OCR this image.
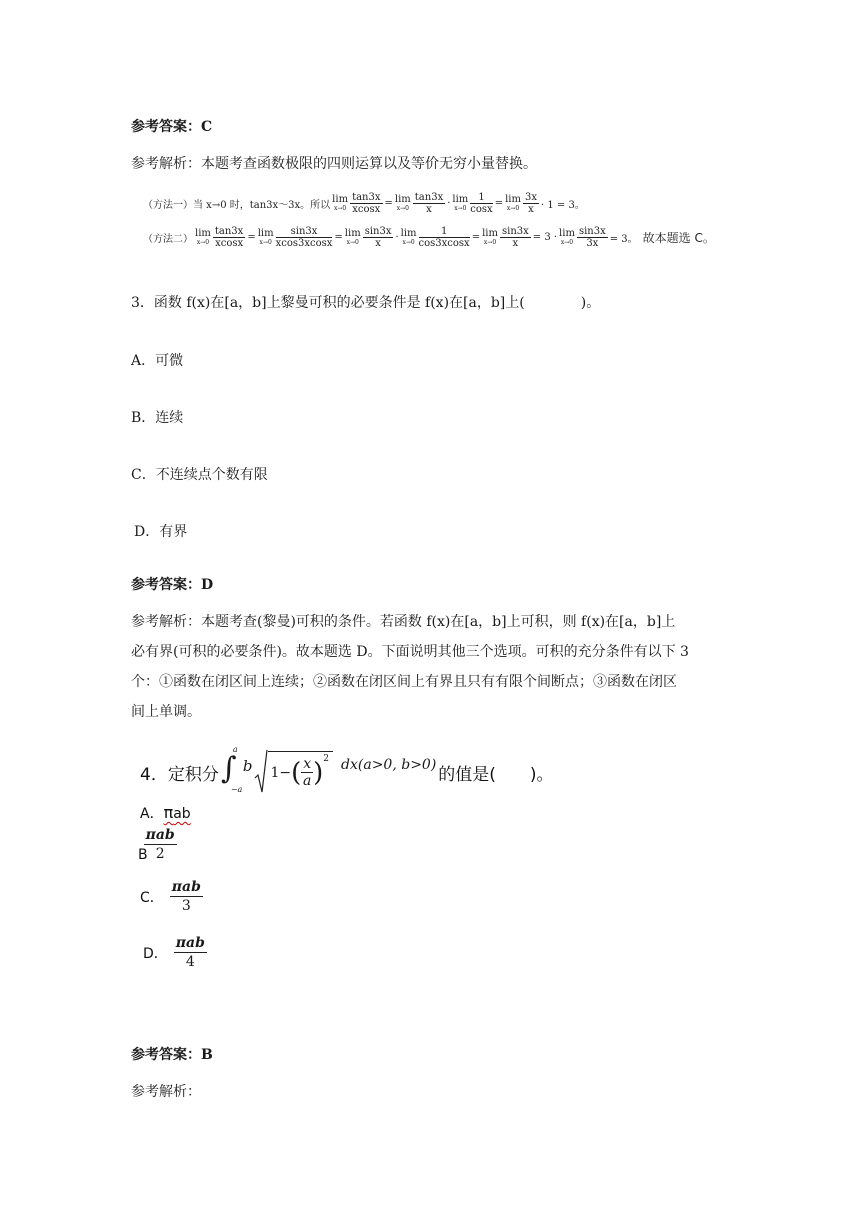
参考答案：C
参考解析：本题考查函数极限的四则运算以及等价无穷小量替换。
（方法一）当 x→0 时，tan3x～3x。所以
lim
$x\to 0 \frac{\tan 3x}{xcosx} = \lim$
$x\to 0 \frac{\tan 3x}{x} \cdot \lim$
$x\to 0 \frac{1}{\cos x} = \lim$
$x\to 0 \frac{3x}{x} \cdot 1 = 3$。
（方法二）
lim
$x\to 0 \frac{\tan 3x}{xcosx} = \lim$
$x\to 0 \frac{\sin 3x}{xcos3xcosx} = \lim$
$x\to 0 \frac{\sin 3x}{x} \cdot \lim$
$x\to 0 \frac{1}{\cos 3xcosx} = \lim$
$x\to 0 \frac{\sin 3x}{x} = 3 \cdot \lim$
$x\to 0 \frac{\sin 3x}{3x} = 3$。 故本题选 C。
3．函数 f(x)在[a，b]上黎曼可积的必要条件是 f(x)在[a，b]上(　　　　)。
A．可微
B．连续
C．不连续点个数有限
D．有界
参考答案：D
参考解析：本题考查(黎曼)可积的条件。若函数 f(x)在[a，b]上可积，则 f(x)在[a，b]上
必有界(可积的必要条件)。故本题选 D。下面说明其他三个选项。可积的充分条件有以下 3
个：①函数在闭区间上连续；②函数在闭区间上有界且只有有限个间断点；③函数在闭区
间上单调。
4．定积分 ∫
a
−a
b 1− ( $\frac{x}{a}$ ) 2 dx(a>0, b>0) 的值是(　　)。
A．πab
B
$\frac{\text{πab}}{2}$
C． $\frac{\text{πab}}{3}$
D． $\frac{\text{πab}}{4}$
参考答案：B
参考解析：
